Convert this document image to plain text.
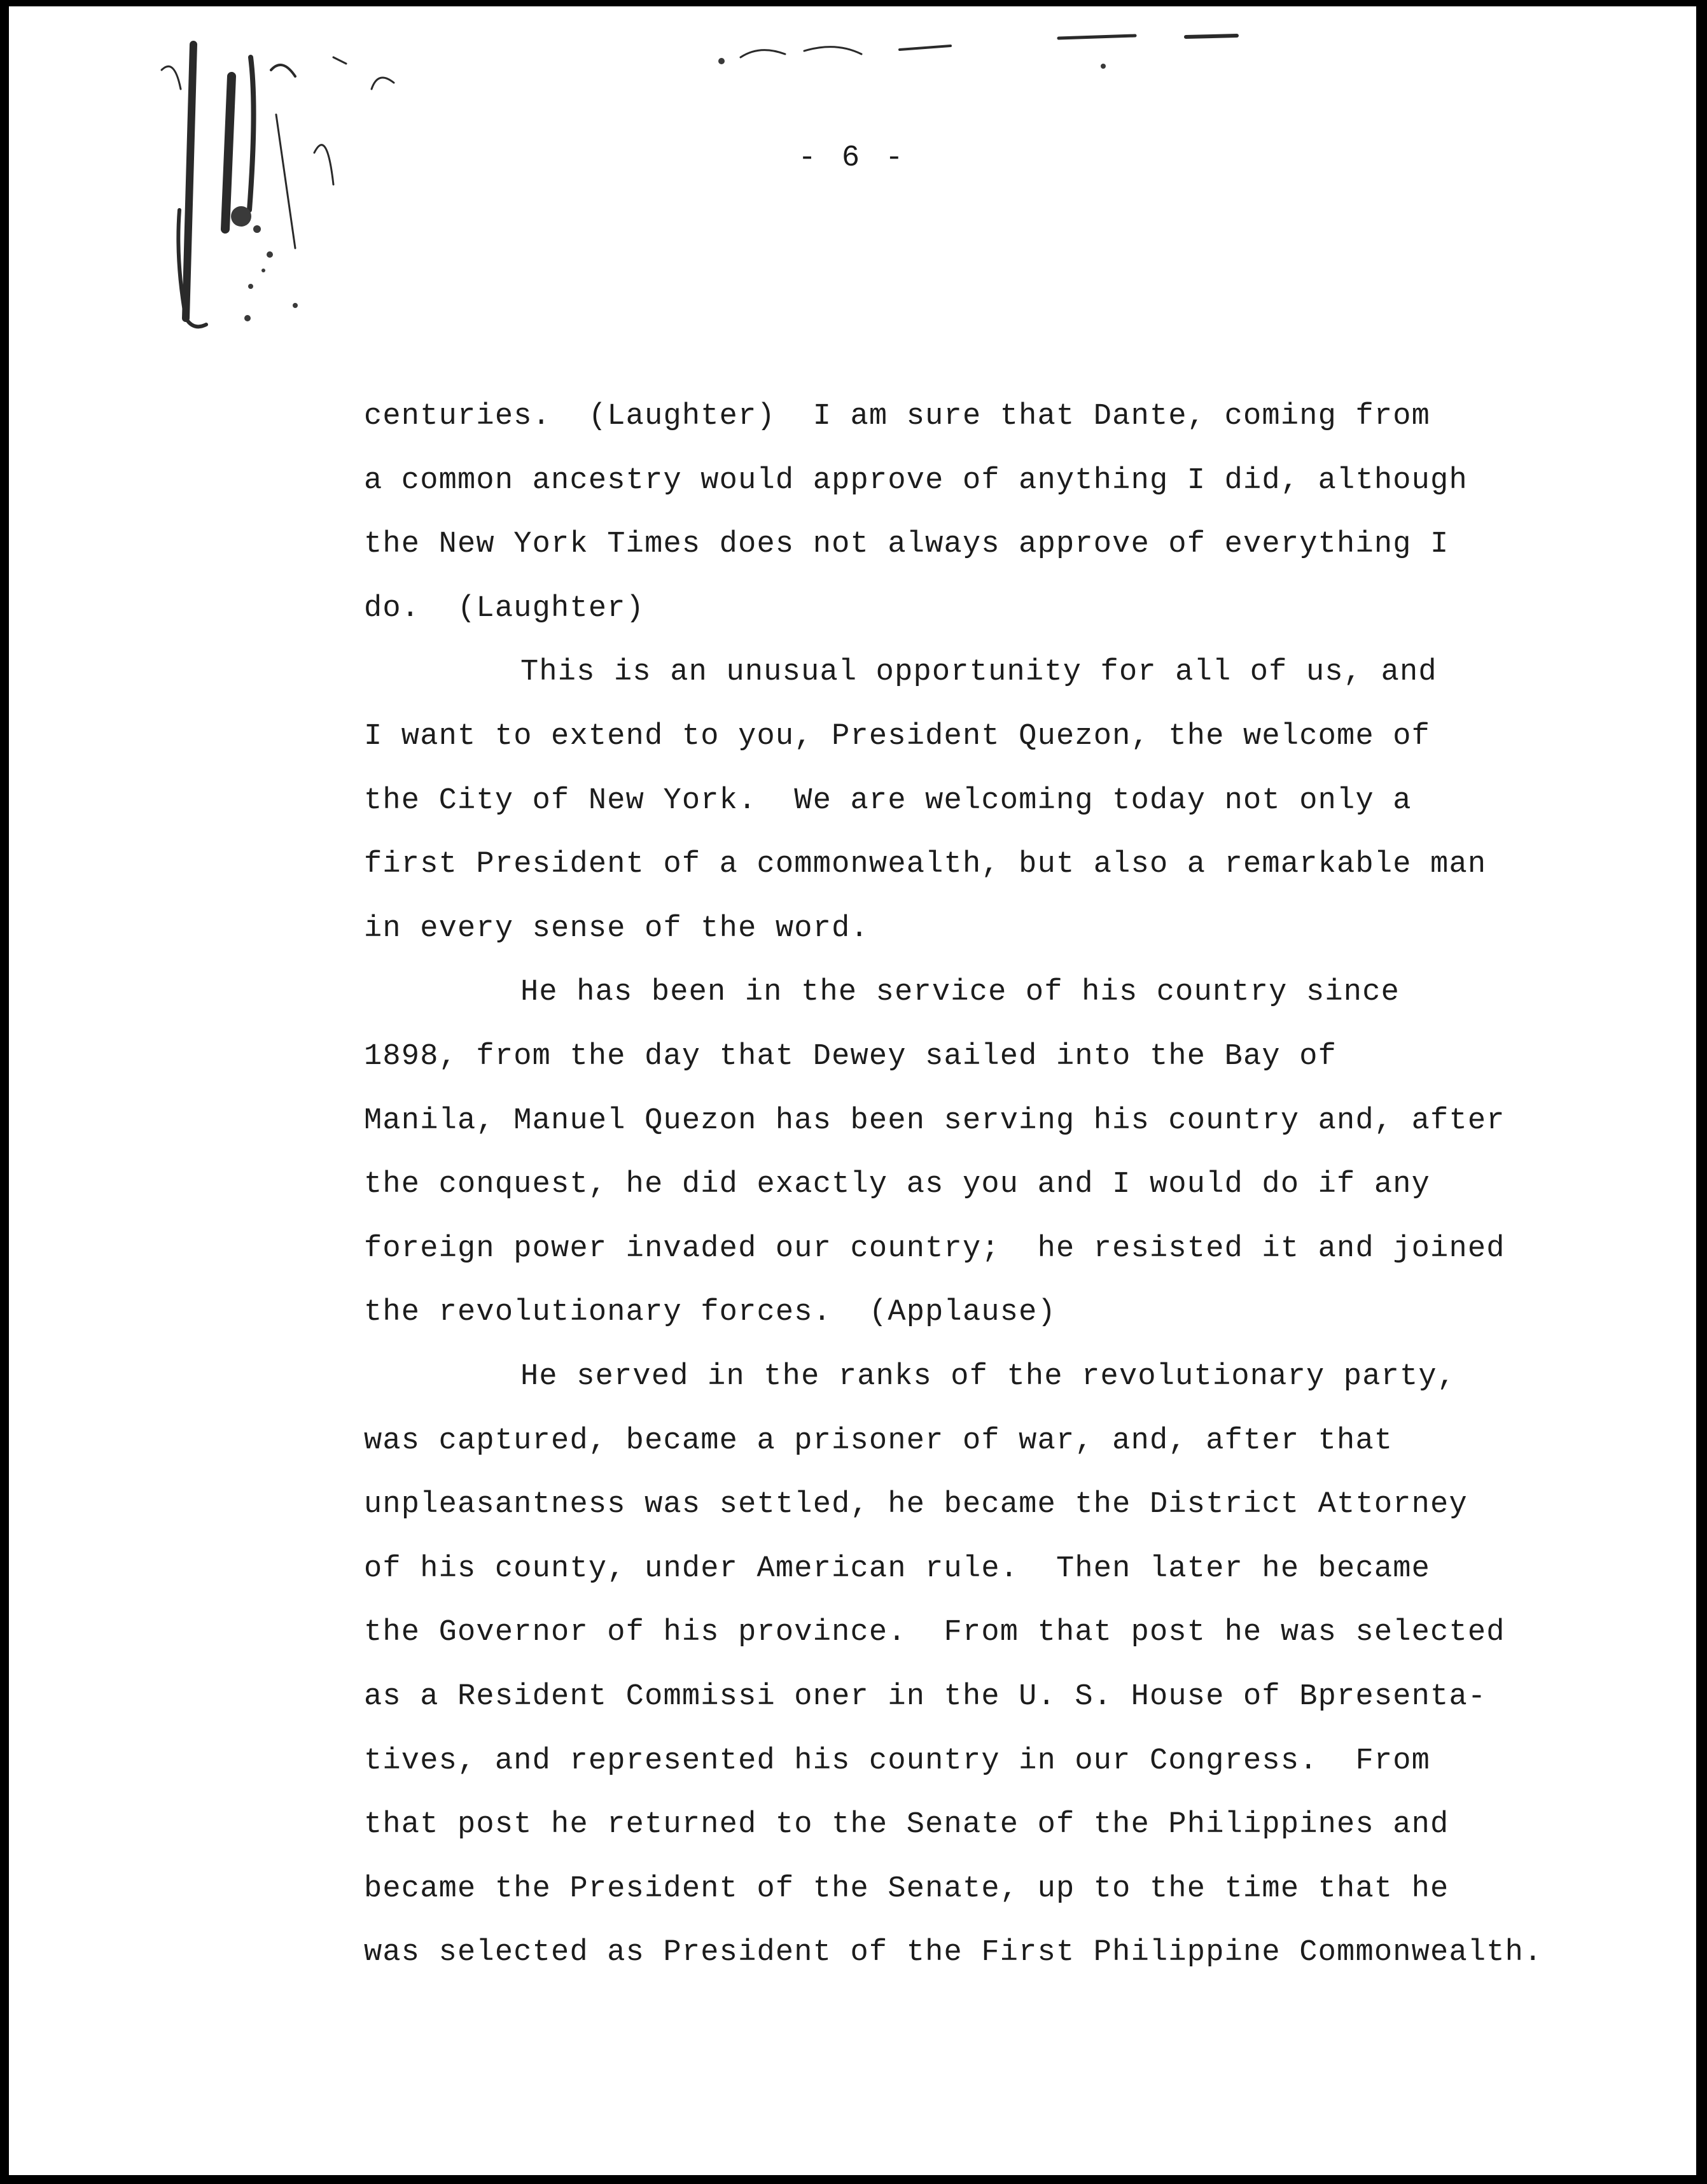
- 6 -
centuries.  (Laughter)  I am sure that Dante, coming from
a common ancestry would approve of anything I did, although
the New York Times does not always approve of everything I
do.  (Laughter)
This is an unusual opportunity for all of us, and
I want to extend to you, President Quezon, the welcome of
the City of New York.  We are welcoming today not only a
first President of a commonwealth, but also a remarkable man
in every sense of the word.
He has been in the service of his country since
1898, from the day that Dewey sailed into the Bay of
Manila, Manuel Quezon has been serving his country and, after
the conquest, he did exactly as you and I would do if any
foreign power invaded our country;  he resisted it and joined
the revolutionary forces.  (Applause)
He served in the ranks of the revolutionary party,
was captured, became a prisoner of war, and, after that
unpleasantness was settled, he became the District Attorney
of his county, under American rule.  Then later he became
the Governor of his province.  From that post he was selected
as a Resident Commissi oner in the U. S. House of Bpresenta-
tives, and represented his country in our Congress.  From
that post he returned to the Senate of the Philippines and
became the President of the Senate, up to the time that he
was selected as President of the First Philippine Commonwealth.
